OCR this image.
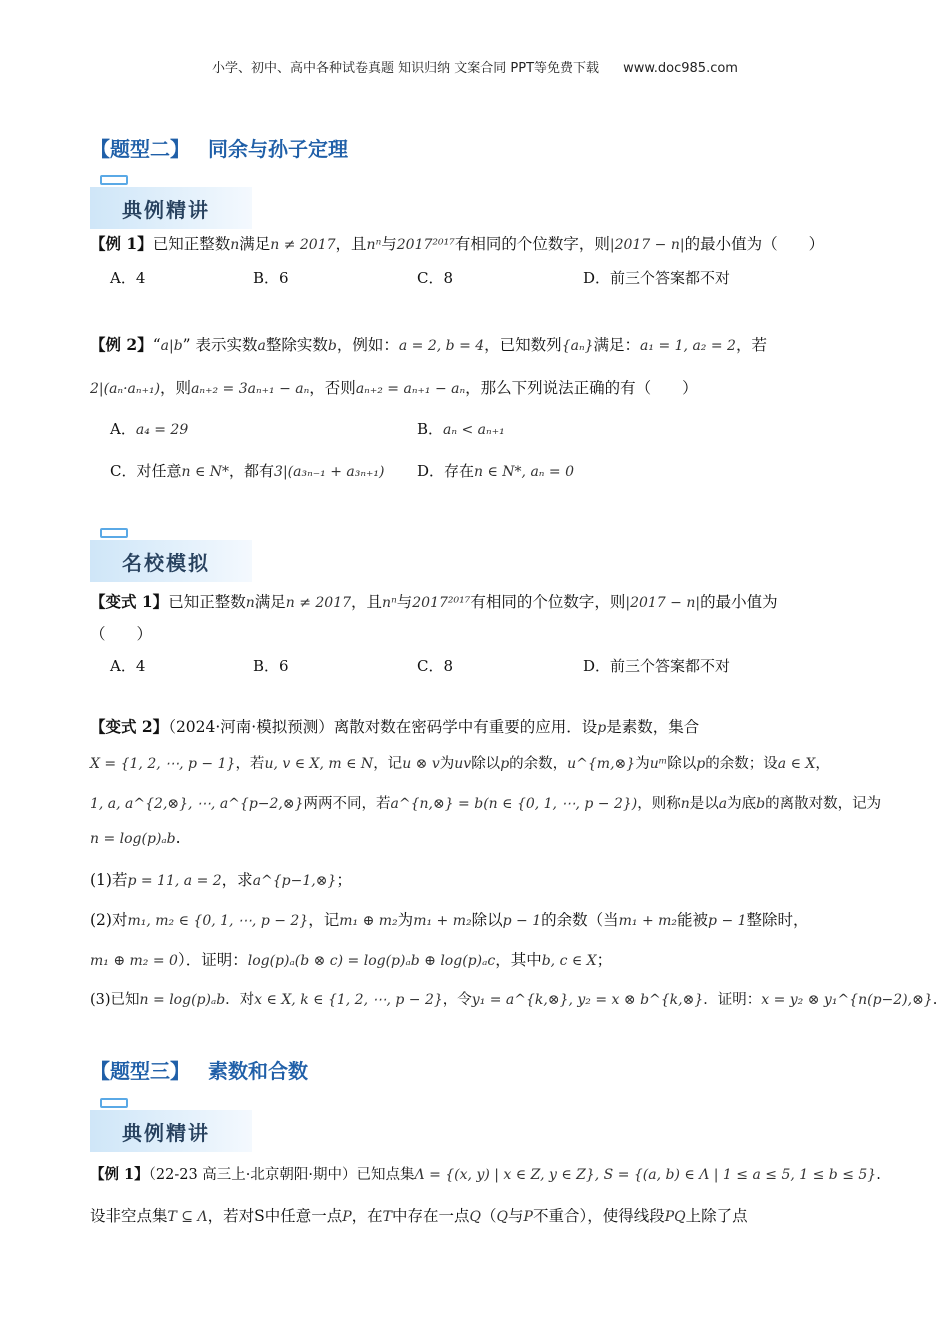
小学、初中、高中各种试卷真题 知识归纳 文案合同 PPT等免费下载 www.doc985.com
【题型二】 同余与孙子定理
典例精讲
【例 1】已知正整数n满足n ≠ 2017，且nⁿ与2017²⁰¹⁷有相同的个位数字，则|2017 − n|的最小值为（　　）
A．4	B．6	C．8	D．前三个答案都不对
【例 2】“a|b” 表示实数a整除实数b，例如：a = 2, b = 4，已知数列{aₙ}满足：a₁ = 1, a₂ = 2，若
2|(aₙ·aₙ₊₁)，则aₙ₊₂ = 3aₙ₊₁ − aₙ，否则aₙ₊₂ = aₙ₊₁ − aₙ，那么下列说法正确的有（　　）
A．a₄ = 29	B．aₙ < aₙ₊₁
C．对任意n ∈ N*，都有3|(a₃ₙ₋₁ + a₃ₙ₊₁) D．存在n ∈ N*, aₙ = 0
名校模拟
【变式 1】已知正整数n满足n ≠ 2017，且nⁿ与2017²⁰¹⁷有相同的个位数字，则|2017 − n|的最小值为
（　　）
A．4	B．6	C．8	D．前三个答案都不对
【变式 2】（2024·河南·模拟预测）离散对数在密码学中有重要的应用．设p是素数，集合
X = {1, 2, ⋯, p − 1}，若u, v ∈ X, m ∈ N，记u ⊗ v为uv除以p的余数，u^{m,⊗}为uᵐ除以p的余数；设a ∈ X，
1, a, a^{2,⊗}, ⋯, a^{p−2,⊗}两两不同，若a^{n,⊗} = b(n ∈ {0, 1, ⋯, p − 2})，则称n是以a为底b的离散对数，记为
n = log(p)ₐb.
(1)若p = 11, a = 2，求a^{p−1,⊗}；
(2)对m₁, m₂ ∈ {0, 1, ⋯, p − 2}，记m₁ ⊕ m₂为m₁ + m₂除以p − 1的余数（当m₁ + m₂能被p − 1整除时，
m₁ ⊕ m₂ = 0）．证明：log(p)ₐ(b ⊗ c) = log(p)ₐb ⊕ log(p)ₐc，其中b, c ∈ X；
(3)已知n = log(p)ₐb．对x ∈ X, k ∈ {1, 2, ⋯, p − 2}，令y₁ = a^{k,⊗}, y₂ = x ⊗ b^{k,⊗}．证明：x = y₂ ⊗ y₁^{n(p−2),⊗}.
【题型三】 素数和合数
典例精讲
【例 1】（22-23 高三上·北京朝阳·期中）已知点集Λ = {(x, y) | x ∈ Z, y ∈ Z}, S = {(a, b) ∈ Λ | 1 ≤ a ≤ 5, 1 ≤ b ≤ 5}.
设非空点集T ⊆ Λ，若对S中任意一点P，在T中存在一点Q（Q与P不重合），使得线段PQ上除了点
